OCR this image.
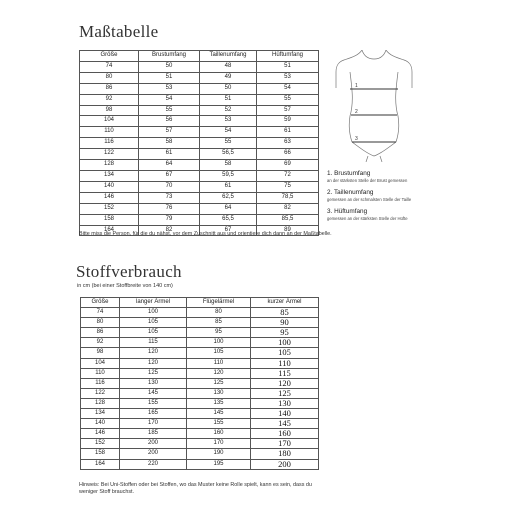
Maßtabelle
Größe	Brustumfang	Taillenumfang	Hüftumfang
74	50	48	51
80	51	49	53
86	53	50	54
92	54	51	55
98	55	52	57
104	56	53	59
110	57	54	61
116	58	55	63
122	61	56,5	66
128	64	58	69
134	67	59,5	72
140	70	61	75
146	73	62,5	78,5
152	76	64	82
158	79	65,5	85,5
164	82	67	89
1
2
3
1. Brustumfang
an der stärksten Stelle der Brust gemessen
2. Taillenumfang
gemessen an der schmalsten Stelle der Taille
3. Hüftumfang
gemessen an der stärksten Stelle der Hüfte
Bitte miss die Person, für die du nähst, vor dem Zuschnitt aus und orientiere dich dann an der Maßtabelle.
Stoffverbrauch
in cm (bei einer Stoffbreite von 140 cm)
Größe	langer Ärmel	Flügelärmel	kurzer Ärmel
74	100	80	85
80	105	85	90
86	105	95	95
92	115	100	100
98	120	105	105
104	120	110	110
110	125	120	115
116	130	125	120
122	145	130	125
128	155	135	130
134	165	145	140
140	170	155	145
146	185	160	160
152	200	170	170
158	200	190	180
164	220	195	200
Hinweis: Bei Uni-Stoffen oder bei Stoffen, wo das Muster keine Rolle spielt, kann es sein, dass du weniger Stoff brauchst.
